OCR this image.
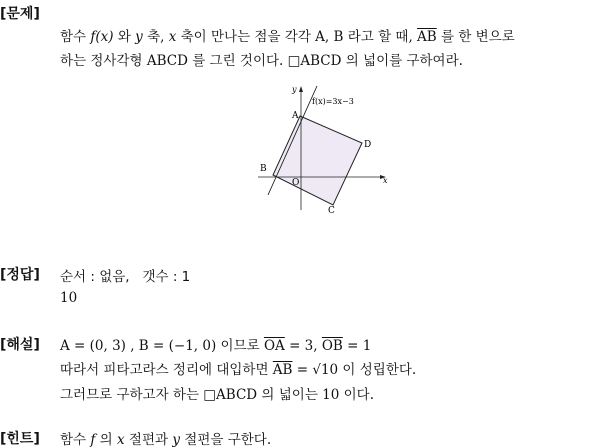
[문제]
함수 f(x) 와 y 축, x 축이 만나는 점을 각각 A, B 라고 할 때, $\overline{AB}$ 를 한 변으로
하는 정사각형 ABCD 를 그린 것이다. □ABCD 의 넓이를 구하여라.
y
x
f(x)=3x−3
A
B
C
D
O
[정답] 순서 : 없음, 갯수 : 1
10
[해설] A = (0, 3) , B = (−1, 0) 이므로 $\overline{OA} = 3$, $\overline{OB} = 1$
따라서 피타고라스 정리에 대입하면 $\overline{AB} = √10$ 이 성립한다.
그러므로 구하고자 하는 □ABCD 의 넓이는 10 이다.
[힌트] 함수 f 의 x 절편과 y 절편을 구한다.
